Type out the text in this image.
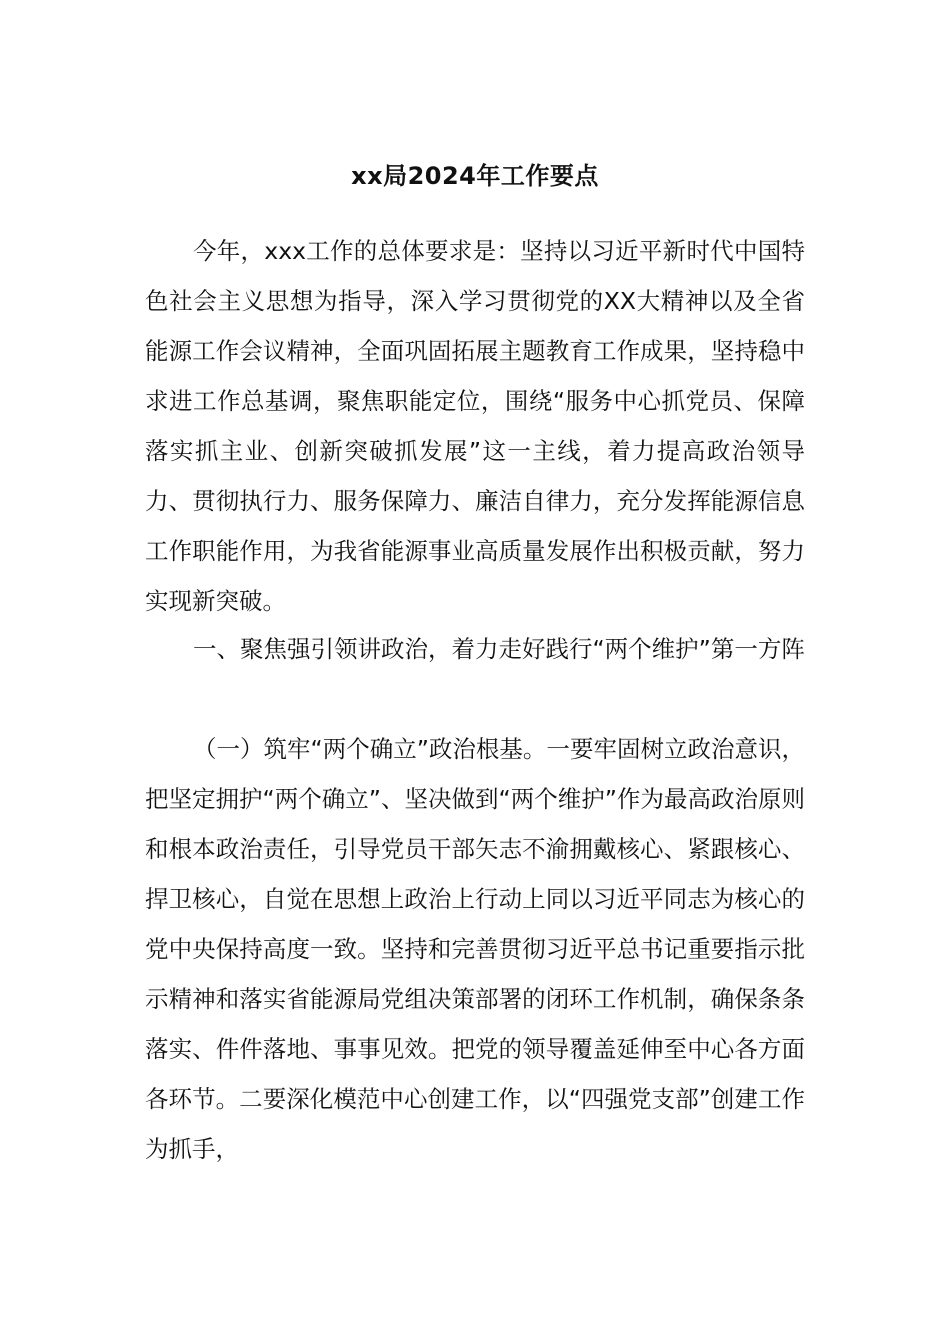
xx局2024年工作要点

今年，xxx工作的总体要求是：坚持以习近平新时代中国特色社会主义思想为指导，深入学习贯彻党的XX大精神以及全省能源工作会议精神，全面巩固拓展主题教育工作成果，坚持稳中求进工作总基调，聚焦职能定位，围绕“服务中心抓党员、保障落实抓主业、创新突破抓发展”这一主线，着力提高政治领导力、贯彻执行力、服务保障力、廉洁自律力，充分发挥能源信息工作职能作用，为我省能源事业高质量发展作出积极贡献，努力实现新突破。

一、聚焦强引领讲政治，着力走好践行“两个维护”第一方阵

（一）筑牢“两个确立”政治根基。一要牢固树立政治意识，把坚定拥护“两个确立”、坚决做到“两个维护”作为最高政治原则和根本政治责任，引导党员干部矢志不渝拥戴核心、紧跟核心、捍卫核心，自觉在思想上政治上行动上同以习近平同志为核心的党中央保持高度一致。坚持和完善贯彻习近平总书记重要指示批示精神和落实省能源局党组决策部署的闭环工作机制，确保条条落实、件件落地、事事见效。把党的领导覆盖延伸至中心各方面各环节。二要深化模范中心创建工作，以“四强党支部”创建工作为抓手，
